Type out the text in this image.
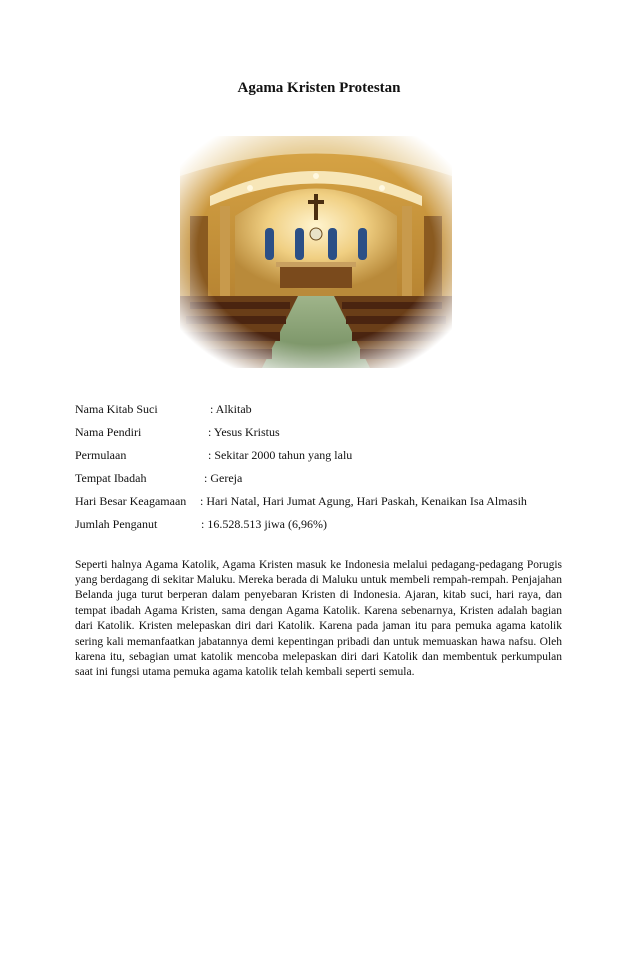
Agama Kristen Protestan
Nama Kitab Suci	: Alkitab
Nama Pendiri	: Yesus Kristus
Permulaan	: Sekitar 2000 tahun yang lalu
Tempat Ibadah	: Gereja
Hari Besar Keagamaan : Hari Natal, Hari Jumat Agung, Hari Paskah, Kenaikan Isa Almasih
Jumlah Penganut	: 16.528.513 jiwa (6,96%)

Seperti halnya Agama Katolik, Agama Kristen masuk ke Indonesia melalui pedagang-pedagang Porugis yang berdagang di sekitar Maluku. Mereka berada di Maluku untuk membeli rempah-rempah. Penjajahan Belanda juga turut berperan dalam penyebaran Kristen di Indonesia. Ajaran, kitab suci, hari raya, dan tempat ibadah Agama Kristen, sama dengan Agama Katolik. Karena sebenarnya, Kristen adalah bagian dari Katolik. Kristen melepaskan diri dari Katolik. Karena pada jaman itu para pemuka agama katolik sering kali memanfaatkan jabatannya demi kepentingan pribadi dan untuk memuaskan hawa nafsu. Oleh karena itu, sebagian umat katolik mencoba melepaskan diri dari Katolik dan membentuk perkumpulan saat ini fungsi utama pemuka agama katolik telah kembali seperti semula.
